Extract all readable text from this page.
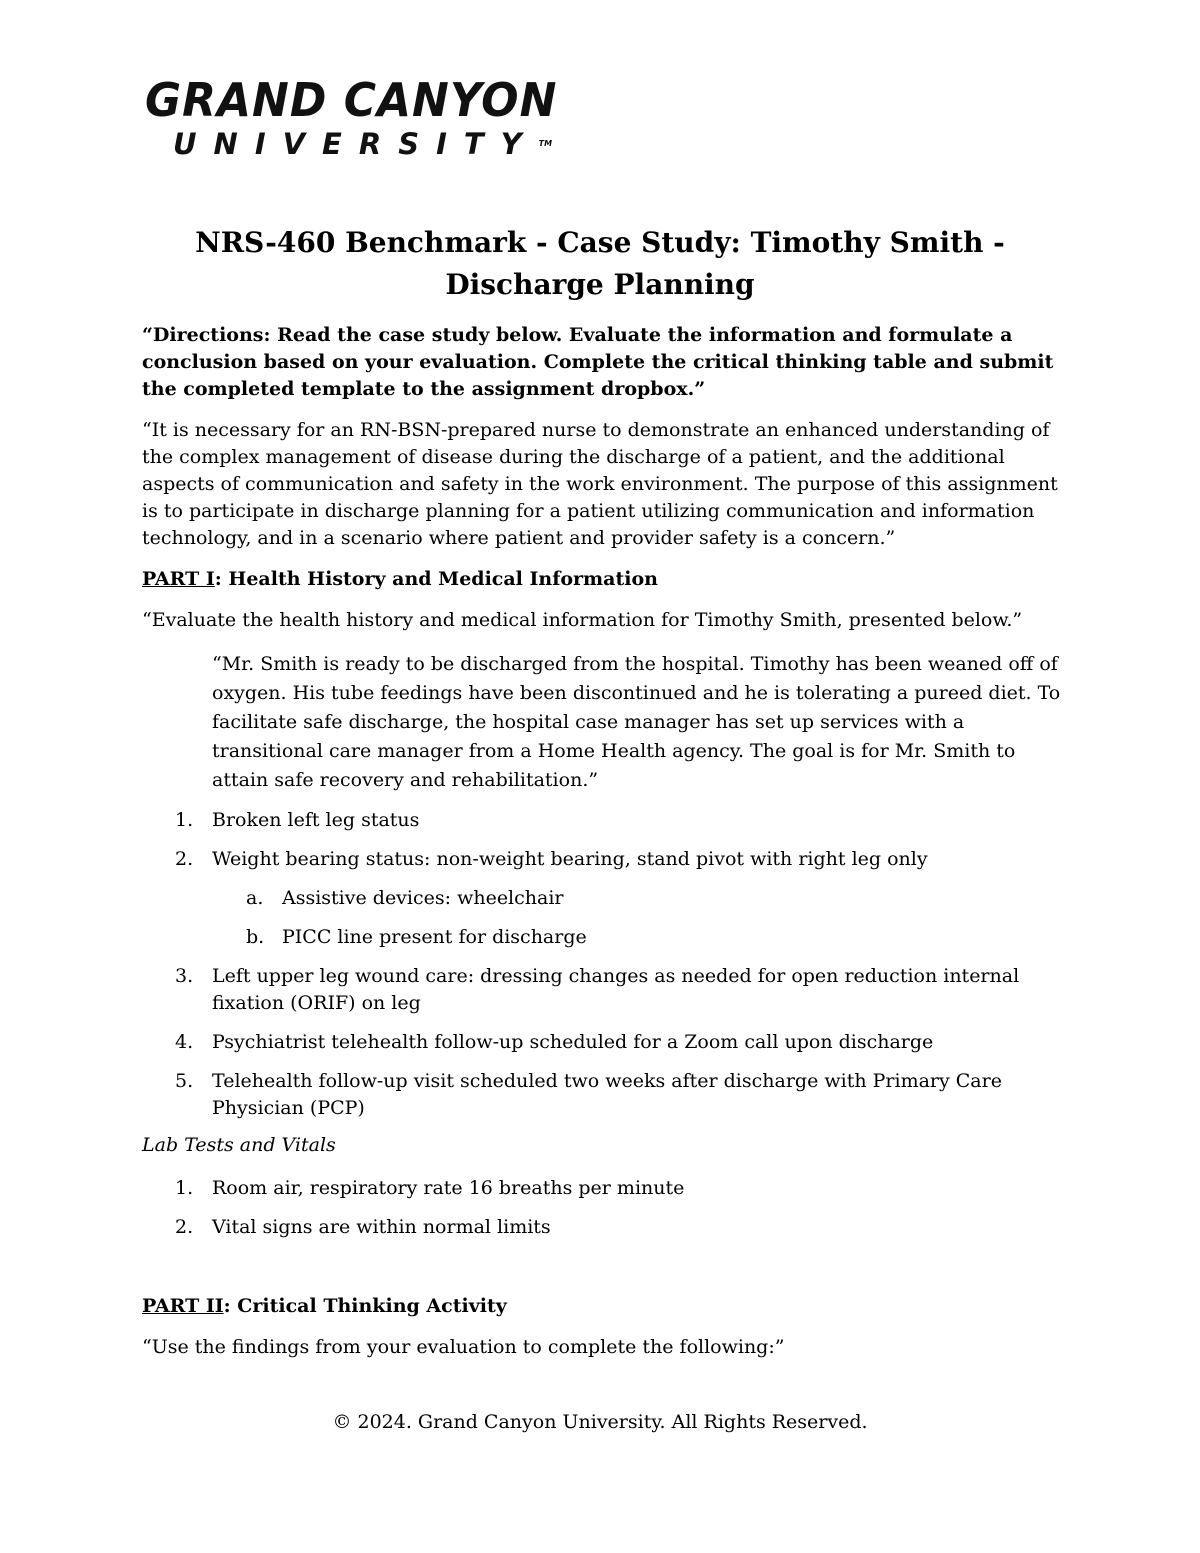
GRAND CANYON
UNIVERSITY™
NRS-460 Benchmark - Case Study: Timothy Smith -
Discharge Planning

“Directions: Read the case study below. Evaluate the information and formulate a conclusion based on your evaluation. Complete the critical thinking table and submit the completed template to the assignment dropbox.”

“It is necessary for an RN-BSN-prepared nurse to demonstrate an enhanced understanding of the complex management of disease during the discharge of a patient, and the additional aspects of communication and safety in the work environment. The purpose of this assignment is to participate in discharge planning for a patient utilizing communication and information technology, and in a scenario where patient and provider safety is a concern.”

PART I: Health History and Medical Information

“Evaluate the health history and medical information for Timothy Smith, presented below.”

“Mr. Smith is ready to be discharged from the hospital. Timothy has been weaned off of oxygen. His tube feedings have been discontinued and he is tolerating a pureed diet. To facilitate safe discharge, the hospital case manager has set up services with a transitional care manager from a Home Health agency. The goal is for Mr. Smith to attain safe recovery and rehabilitation.”

1. Broken left leg status
2. Weight bearing status: non-weight bearing, stand pivot with right leg only
a. Assistive devices: wheelchair
b. PICC line present for discharge
3. Left upper leg wound care: dressing changes as needed for open reduction internal fixation (ORIF) on leg
4. Psychiatrist telehealth follow-up scheduled for a Zoom call upon discharge
5. Telehealth follow-up visit scheduled two weeks after discharge with Primary Care Physician (PCP)

Lab Tests and Vitals

1. Room air, respiratory rate 16 breaths per minute
2. Vital signs are within normal limits

PART II: Critical Thinking Activity

“Use the findings from your evaluation to complete the following:”

© 2024. Grand Canyon University. All Rights Reserved.
